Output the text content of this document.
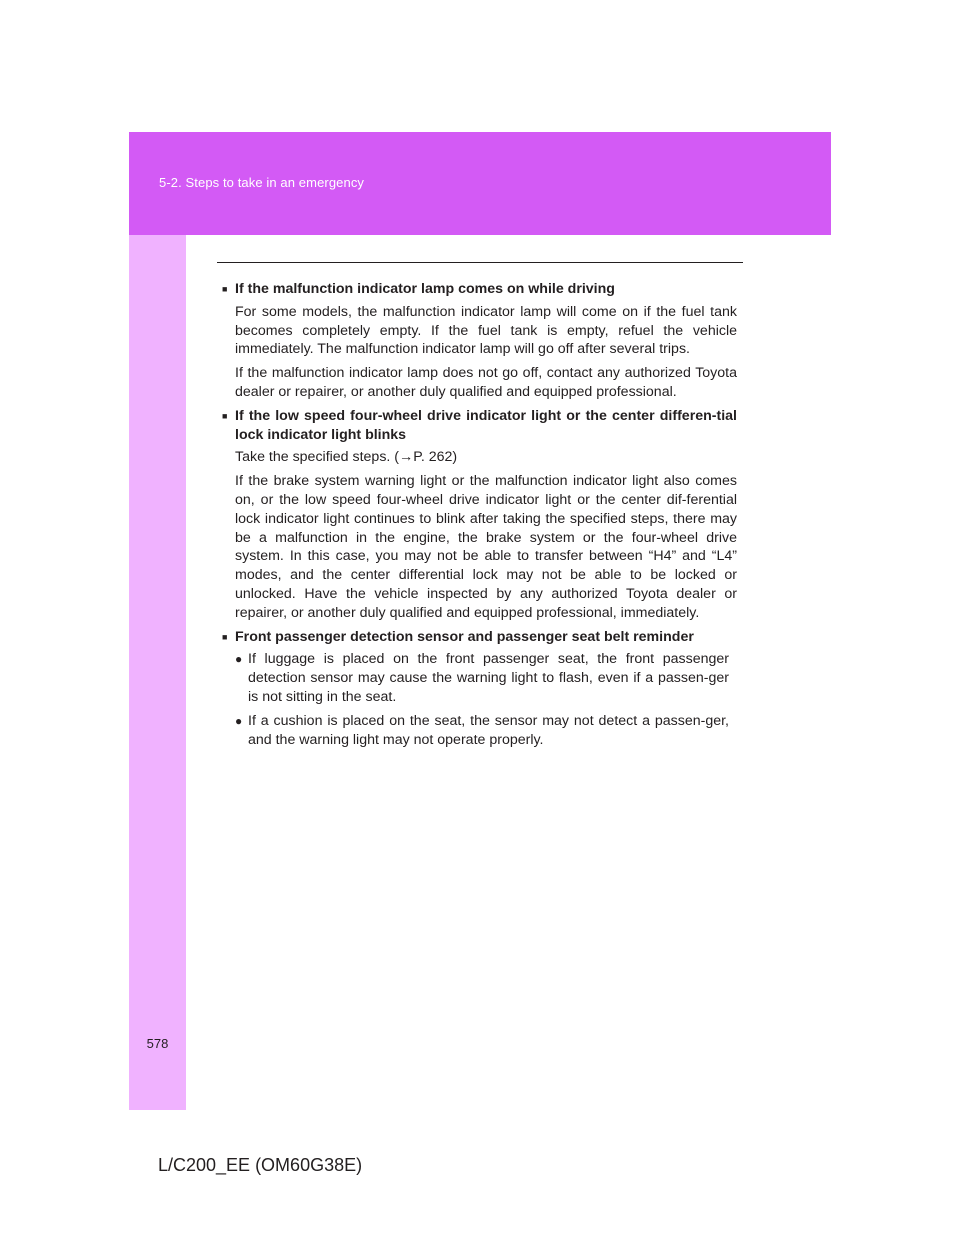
5-2. Steps to take in an emergency
578
■ If the malfunction indicator lamp comes on while driving

For some models, the malfunction indicator lamp will come on if the fuel tank becomes completely empty. If the fuel tank is empty, refuel the vehicle immediately. The malfunction indicator lamp will go off after several trips.

If the malfunction indicator lamp does not go off, contact any authorized Toyota dealer or repairer, or another duly qualified and equipped professional.

■ If the low speed four-wheel drive indicator light or the center differen-tial lock indicator light blinks

Take the specified steps. (→P. 262)

If the brake system warning light or the malfunction indicator light also comes on, or the low speed four-wheel drive indicator light or the center dif-ferential lock indicator light continues to blink after taking the specified steps, there may be a malfunction in the engine, the brake system or the four-wheel drive system. In this case, you may not be able to transfer between “H4” and “L4” modes, and the center differential lock may not be able to be locked or unlocked. Have the vehicle inspected by any authorized Toyota dealer or repairer, or another duly qualified and equipped professional, immediately.

■ Front passenger detection sensor and passenger seat belt reminder
● If luggage is placed on the front passenger seat, the front passenger detection sensor may cause the warning light to flash, even if a passen-ger is not sitting in the seat.
● If a cushion is placed on the seat, the sensor may not detect a passen-ger, and the warning light may not operate properly.
L/C200_EE (OM60G38E)
